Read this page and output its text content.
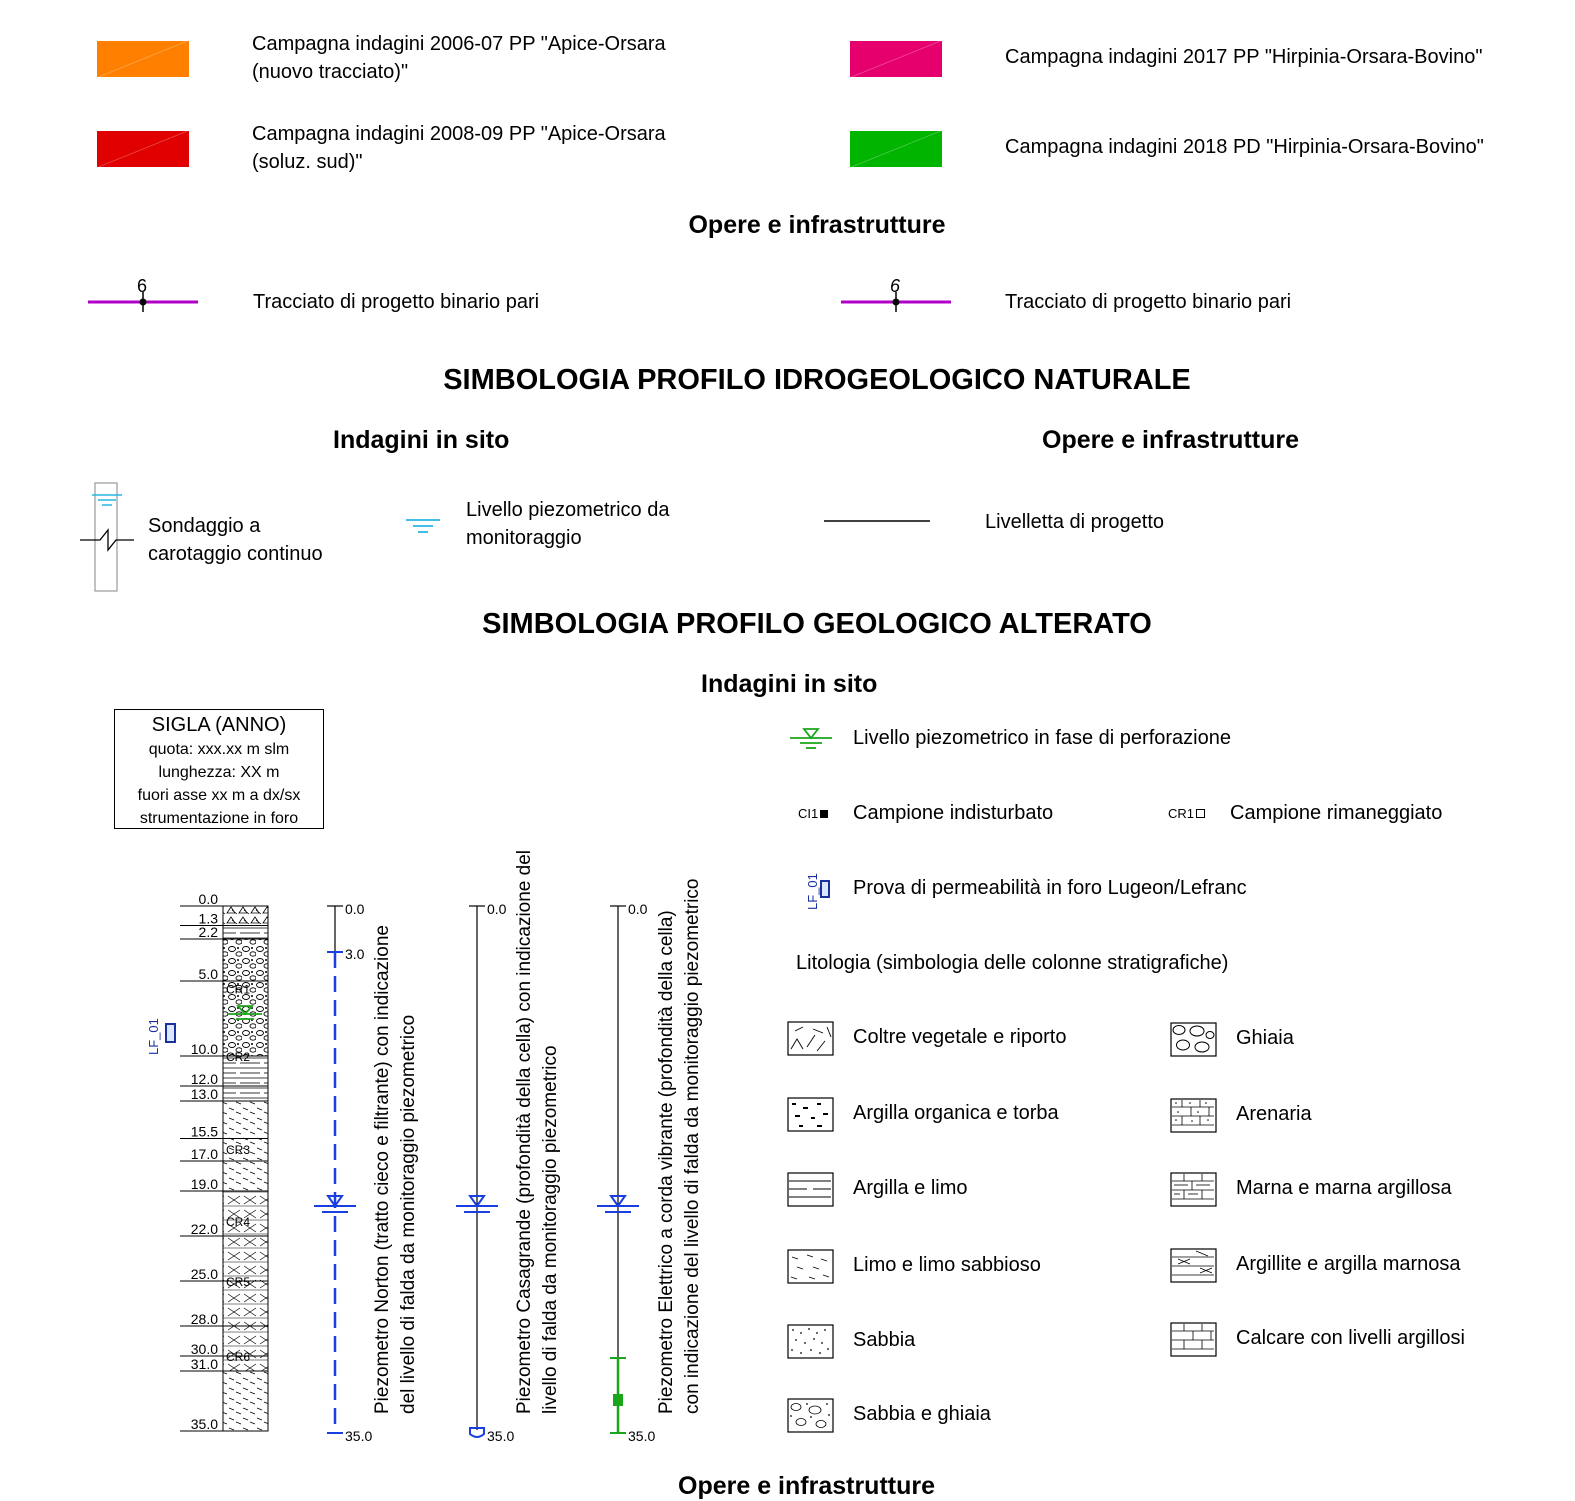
Campagna indagini 2006-07 PP "Apice-Orsara
(nuovo tracciato)"
Campagna indagini 2008-09 PP "Apice-Orsara
(soluz. sud)"
Campagna indagini 2017 PP "Hirpinia-Orsara-Bovino"
Campagna indagini 2018 PD "Hirpinia-Orsara-Bovino"
Opere e infrastrutture
6
Tracciato di progetto binario pari
6
Tracciato di progetto binario pari
SIMBOLOGIA PROFILO IDROGEOLOGICO NATURALE
Indagini in sito	Opere e infrastrutture
Sondaggio a
carotaggio continuo
Livello piezometrico da
monitoraggio
Livelletta di progetto
SIMBOLOGIA PROFILO GEOLOGICO ALTERATO
Indagini in sito
SIGLA (ANNO)
quota: xxx.xx m slm
lunghezza: XX m
fuori asse xx m a dx/sx
strumentazione in foro
0.0
1.3
2.2
5.0
10.0
12.0
13.0
15.5
17.0
19.0
22.0
25.0
28.0
30.0
31.0
35.0
CR1
CR2
CR3
CR4
CR5
CR6
LF_01
0.0
3.0
35.0
0.0
35.0
0.0
35.0
Piezometro Norton (tratto cieco e filtrante) con indicazione del livello di falda da monitoraggio piezometrico	Piezometro Casagrande (profondità della cella) con indicazione del livello di falda da monitoraggio piezometrico	Piezometro Elettrico a corda vibrante (profondità della cella) con indicazione del livello di falda da monitoraggio piezometrico
Livello piezometrico in fase di perforazione
CI1	Campione indisturbato	CR1	Campione rimaneggiato
LF_01	Prova di permeabilità in foro Lugeon/Lefranc
Litologia (simbologia delle colonne stratigrafiche)
Coltre vegetale e riporto
Argilla organica e torba
Argilla e limo
Limo e limo sabbioso
Sabbia
Sabbia e ghiaia
Ghiaia
Arenaria
Marna e marna argillosa
Argillite e argilla marnosa
Calcare con livelli argillosi
Opere e infrastrutture
